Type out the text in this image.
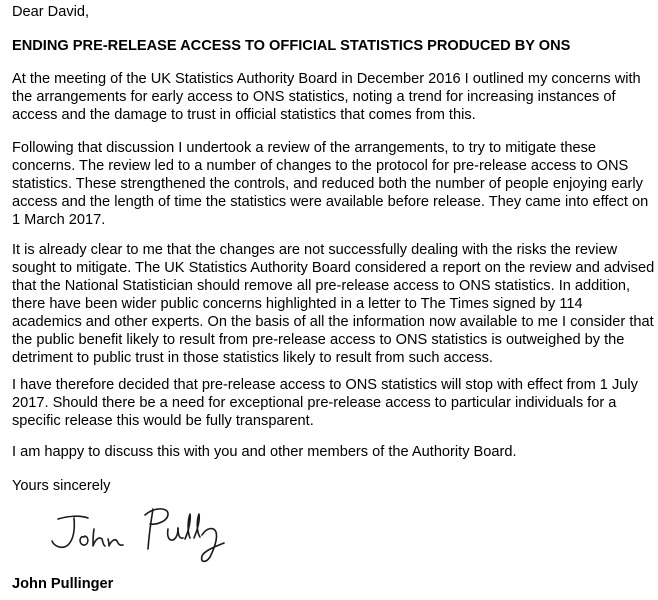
Dear David,

ENDING PRE-RELEASE ACCESS TO OFFICIAL STATISTICS PRODUCED BY ONS

At the meeting of the UK Statistics Authority Board in December 2016 I outlined my concerns with
the arrangements for early access to ONS statistics, noting a trend for increasing instances of
access and the damage to trust in official statistics that comes from this.

Following that discussion I undertook a review of the arrangements, to try to mitigate these
concerns. The review led to a number of changes to the protocol for pre-release access to ONS
statistics. These strengthened the controls, and reduced both the number of people enjoying early
access and the length of time the statistics were available before release. They came into effect on
1 March 2017.

It is already clear to me that the changes are not successfully dealing with the risks the review
sought to mitigate. The UK Statistics Authority Board considered a report on the review and advised
that the National Statistician should remove all pre-release access to ONS statistics. In addition,
there have been wider public concerns highlighted in a letter to The Times signed by 114
academics and other experts. On the basis of all the information now available to me I consider that
the public benefit likely to result from pre-release access to ONS statistics is outweighed by the
detriment to public trust in those statistics likely to result from such access.

I have therefore decided that pre-release access to ONS statistics will stop with effect from 1 July
2017. Should there be a need for exceptional pre-release access to particular individuals for a
specific release this would be fully transparent.

I am happy to discuss this with you and other members of the Authority Board.

Yours sincerely

John Pullinger
